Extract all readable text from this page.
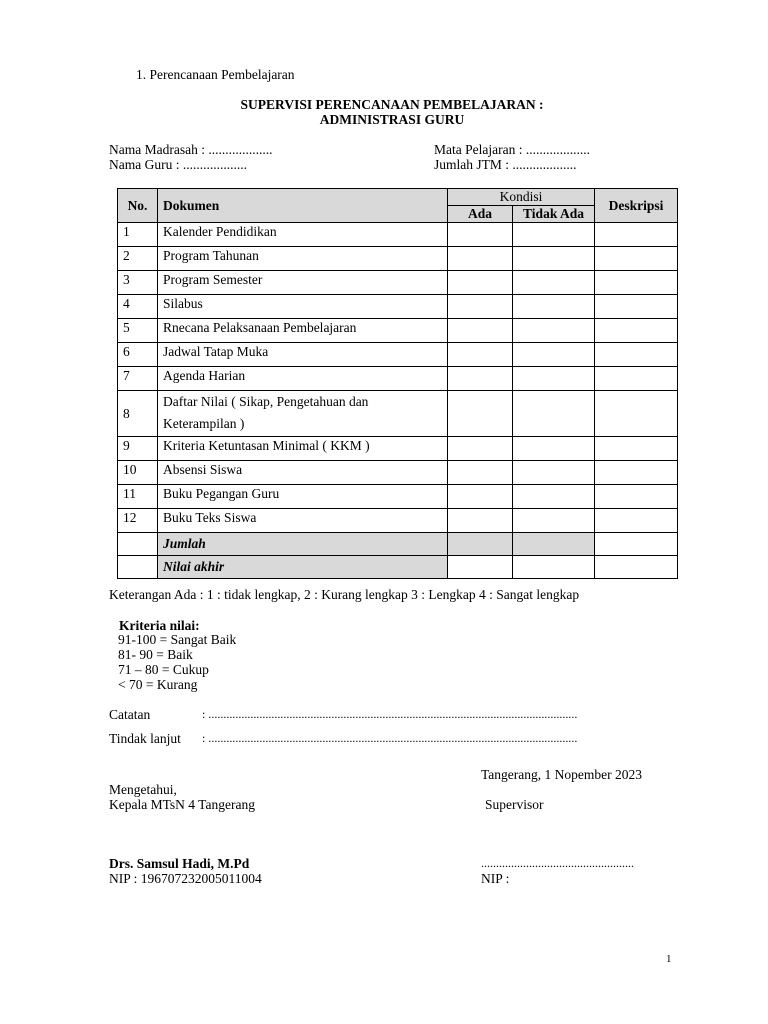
1. Perencanaan Pembelajaran
SUPERVISI PERENCANAAN PEMBELAJARAN :
ADMINISTRASI GURU
Nama Madrasah : ...................
Nama Guru : ...................
Mata Pelajaran : ...................
Jumlah JTM : ...................
No.	Dokumen	Kondisi		Deskripsi
		Ada	Tidak Ada	
1	Kalender Pendidikan			
2	Program Tahunan			
3	Program Semester			
4	Silabus			
5	Rnecana Pelaksanaan Pembelajaran			
6	Jadwal Tatap Muka			
7	Agenda Harian			
8	Daftar Nilai ( Sikap, Pengetahuan dan
Keterampilan )			

9	Kriteria Ketuntasan Minimal ( KKM )			
10	Absensi Siswa			
11	Buku Pegangan Guru			
12	Buku Teks Siswa			
	Jumlah			
	Nilai akhir			
Keterangan Ada : 1 : tidak lengkap, 2 : Kurang lengkap 3 : Lengkap 4 : Sangat lengkap
Kriteria nilai:
91-100 = Sangat Baik
81- 90 = Baik
71 – 80 = Cukup
< 70 = Kurang
Catatan	: ...........................................................................................................................
Tindak lanjut : ...........................................................................................................................
Tangerang, 1 Nopember 2023
Mengetahui,
Kepala MTsN 4 Tangerang	Supervisor
Drs. Samsul Hadi, M.Pd	...................................................
NIP : 196707232005011004	NIP :
1
